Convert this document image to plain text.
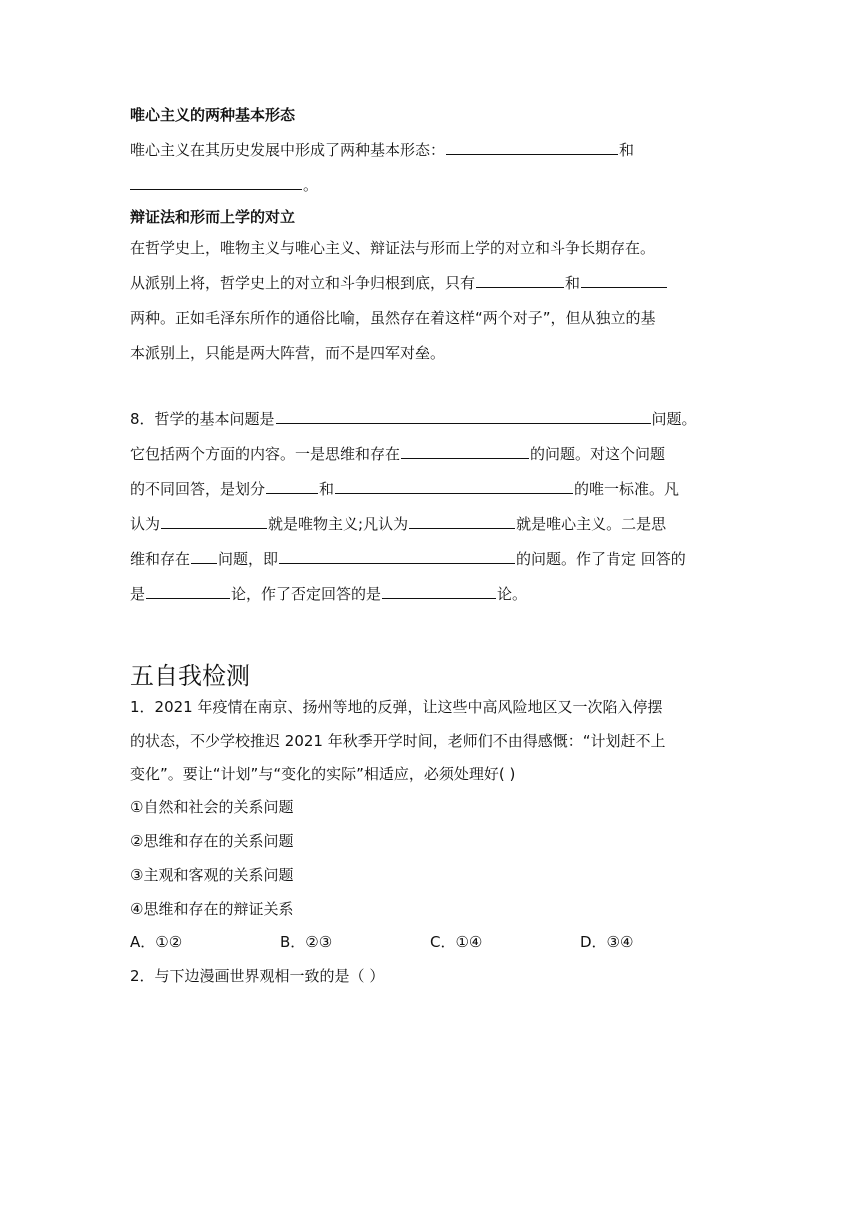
唯心主义的两种基本形态
唯心主义在其历史发展中形成了两种基本形态：	和
。
辩证法和形而上学的对立
在哲学史上，唯物主义与唯心主义、辩证法与形而上学的对立和斗争长期存在。
从派别上将，哲学史上的对立和斗争归根到底，只有	和
两种。正如毛泽东所作的通俗比喻，虽然存在着这样“两个对子”，但从独立的基
本派别上，只能是两大阵营，而不是四军对垒。
8．哲学的基本问题是	问题。
它包括两个方面的内容。一是思维和存在	的问题。对这个问题
的不同回答，是划分	和	的唯一标准。凡
认为	就是唯物主义;凡认为	就是唯心主义。二是思
维和存在 问题，即	的问题。作了肯定 回答的
是	论，作了否定回答的是	论。
五自我检测
1．2021 年疫情在南京、扬州等地的反弹，让这些中高风险地区又一次陷入停摆
的状态，不少学校推迟 2021 年秋季开学时间，老师们不由得感慨：“计划赶不上
变化”。要让“计划”与“变化的实际”相适应，必须处理好( )
①自然和社会的关系问题
②思维和存在的关系问题
③主观和客观的关系问题
④思维和存在的辩证关系
A．①②	B．②③	C．①④	D．③④
2．与下边漫画世界观相一致的是（ ）
